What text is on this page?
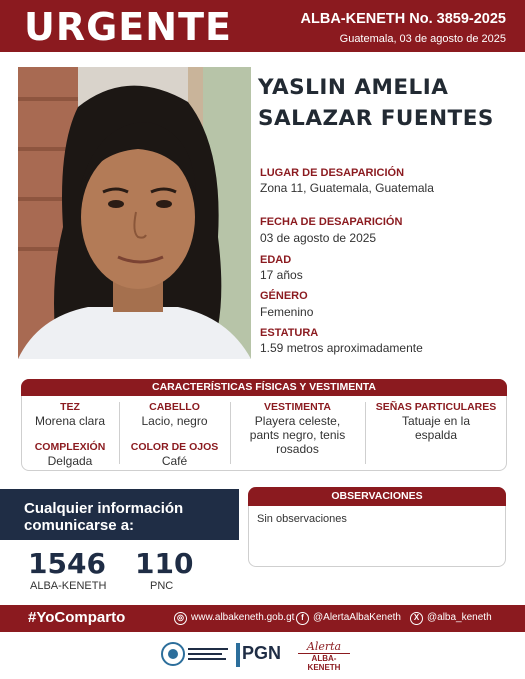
URGENTE	ALBA-KENETH No. 3859-2025
Guatemala, 03 de agosto de 2025
YASLIN AMELIA
SALAZAR FUENTES
LUGAR DE DESAPARICIÓN
Zona 11, Guatemala, Guatemala
FECHA DE DESAPARICIÓN
03 de agosto de 2025
EDAD
17 años
GÉNERO
Femenino
ESTATURA
1.59 metros aproximadamente
CARACTERÍSTICAS FÍSICAS Y VESTIMENTA
TEZ
Morena clara
COMPLEXIÓN
Delgada
CABELLO
Lacio, negro
COLOR DE OJOS
Café
VESTIMENTA
Playera celeste,
pants negro, tenis
rosados
SEÑAS PARTICULARES
Tatuaje en la
espalda
Cualquier información
comunicarse a:
1546
ALBA-KENETH
110
PNC
OBSERVACIONES
Sin observaciones
#YoComparto	◎ www.albakeneth.gob.gt f @AlertaAlbaKeneth	X @alba_keneth
PGN	Alerta
ALBA-KENETH
